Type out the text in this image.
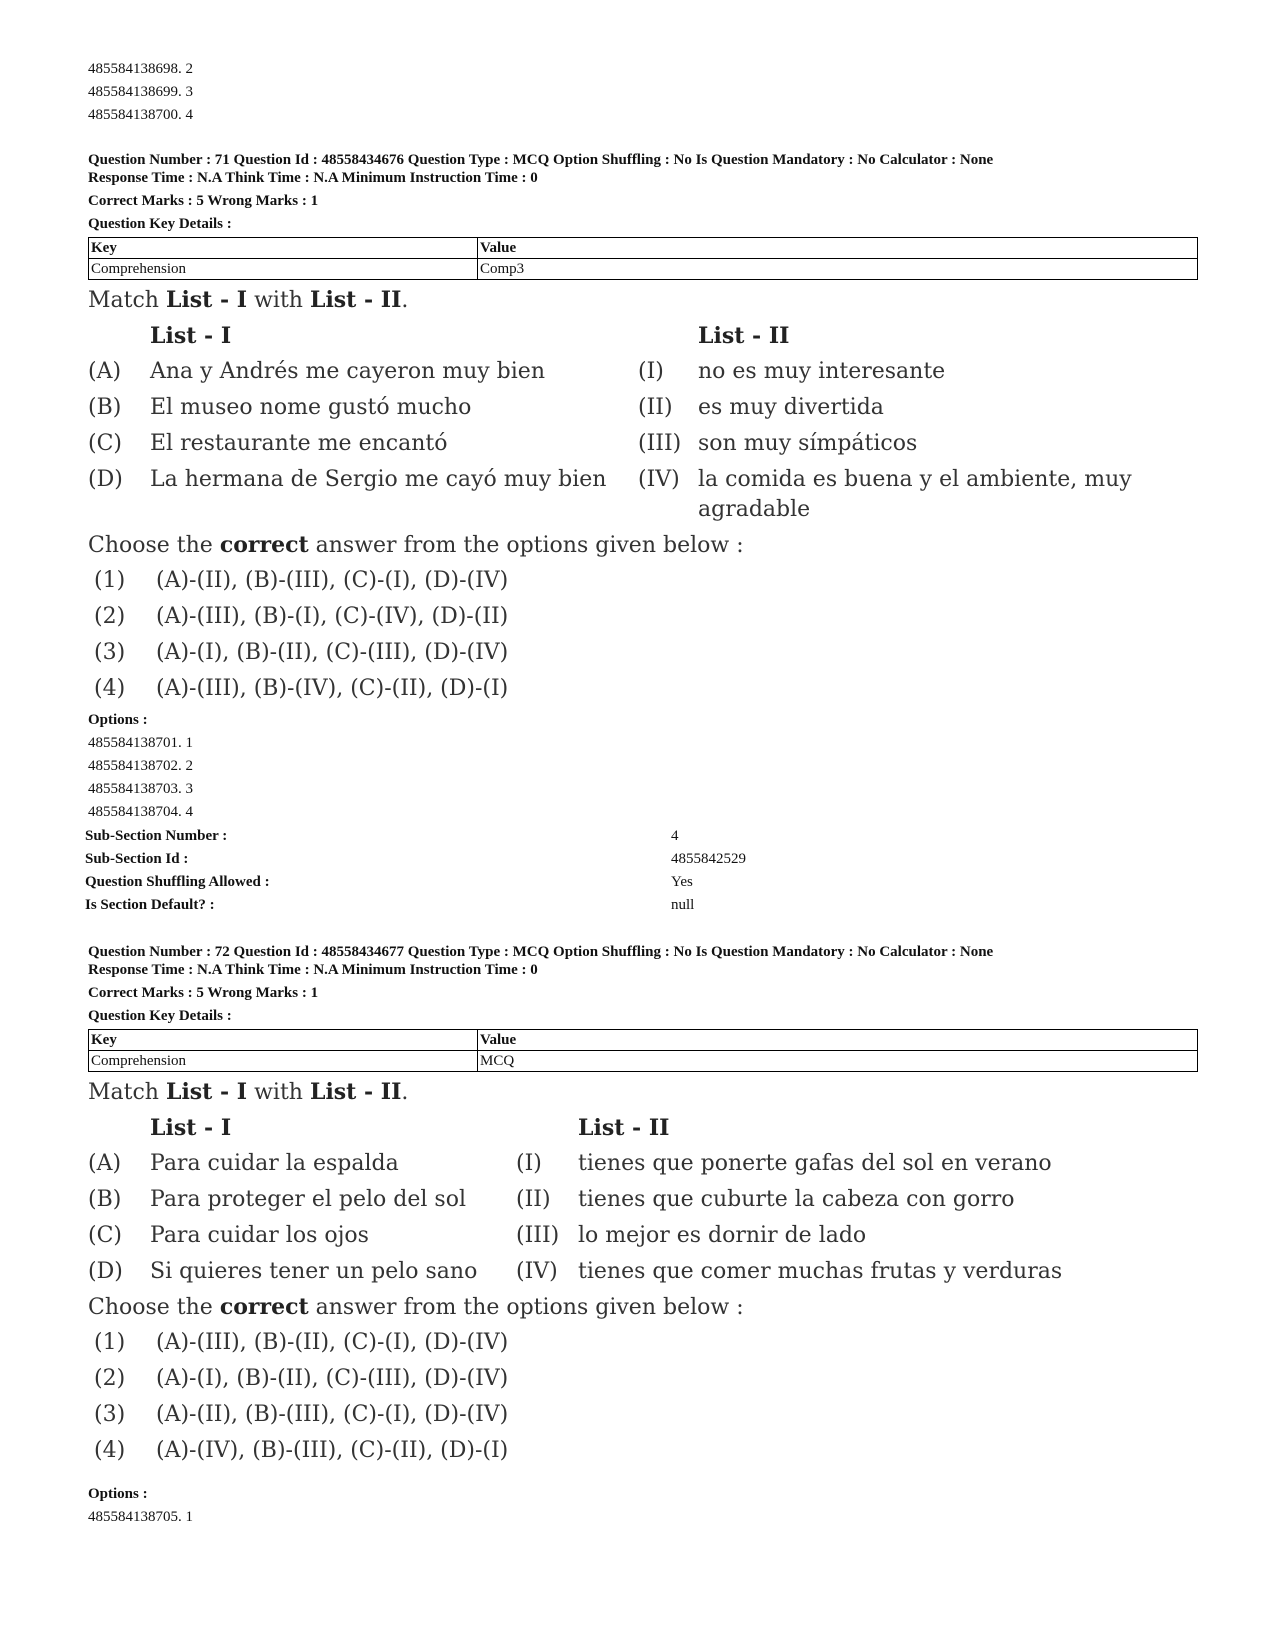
485584138698. 2
485584138699. 3
485584138700. 4
Question Number : 71 Question Id : 48558434676 Question Type : MCQ Option Shuffling : No Is Question Mandatory : No Calculator : None
Response Time : N.A Think Time : N.A Minimum Instruction Time : 0
Correct Marks : 5 Wrong Marks : 1
Question Key Details :
Key	Value
Comprehension	Comp3
Match List - I with List - II.
List - I	List - II
(A) Ana y Andrés me cayeron muy bien	(I) no es muy interesante
(B) El museo nome gustó mucho	(II) es muy divertida
(C) El restaurante me encantó	(III) son muy símpáticos
(D) La hermana de Sergio me cayó muy bien (IV) la comida es buena y el ambiente, muy
agradable
Choose the correct answer from the options given below :
(1) (A)-(II), (B)-(III), (C)-(I), (D)-(IV)
(2) (A)-(III), (B)-(I), (C)-(IV), (D)-(II)
(3) (A)-(I), (B)-(II), (C)-(III), (D)-(IV)
(4) (A)-(III), (B)-(IV), (C)-(II), (D)-(I)
Options :
485584138701. 1
485584138702. 2
485584138703. 3
485584138704. 4
Sub-Section Number :	4
Sub-Section Id :	4855842529
Question Shuffling Allowed :	Yes
Is Section Default? :	null
Question Number : 72 Question Id : 48558434677 Question Type : MCQ Option Shuffling : No Is Question Mandatory : No Calculator : None
Response Time : N.A Think Time : N.A Minimum Instruction Time : 0
Correct Marks : 5 Wrong Marks : 1
Question Key Details :
Key	Value
Comprehension	MCQ
Match List - I with List - II.
List - I	List - II
(A) Para cuidar la espalda	(I) tienes que ponerte gafas del sol en verano
(B) Para proteger el pelo del sol (II) tienes que cuburte la cabeza con gorro
(C) Para cuidar los ojos	(III) lo mejor es dornir de lado
(D) Si quieres tener un pelo sano (IV) tienes que comer muchas frutas y verduras
Choose the correct answer from the options given below :
(1) (A)-(III), (B)-(II), (C)-(I), (D)-(IV)
(2) (A)-(I), (B)-(II), (C)-(III), (D)-(IV)
(3) (A)-(II), (B)-(III), (C)-(I), (D)-(IV)
(4) (A)-(IV), (B)-(III), (C)-(II), (D)-(I)
Options :
485584138705. 1
